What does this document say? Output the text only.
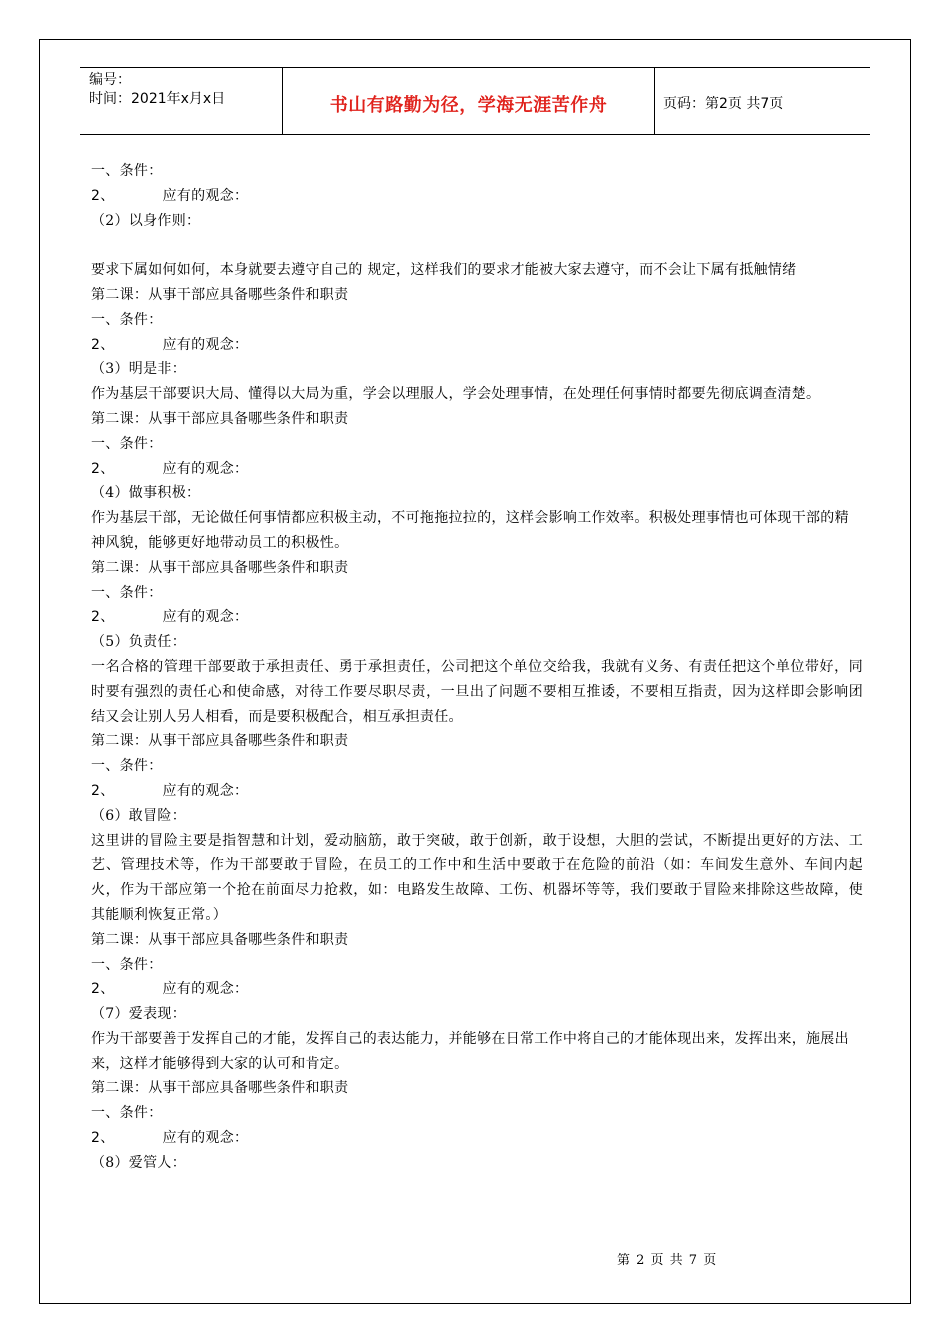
编号：
时间：2021年x月x日	书山有路勤为径，学海无涯苦作舟	页码：第2页 共7页
一、条件：
2、	应有的观念：
（2）以身作则：
要求下属如何如何，本身就要去遵守自己的 规定，这样我们的要求才能被大家去遵守，而不会让下属有抵触情绪
第二课：从事干部应具备哪些条件和职责
一、条件：
2、	应有的观念：
（3）明是非：
作为基层干部要识大局、懂得以大局为重，学会以理服人，学会处理事情，在处理任何事情时都要先彻底调查清楚。
第二课：从事干部应具备哪些条件和职责
一、条件：
2、	应有的观念：
（4）做事积极：
作为基层干部，无论做任何事情都应积极主动，不可拖拖拉拉的，这样会影响工作效率。积极处理事情也可体现干部的精神风貌，能够更好地带动员工的积极性。
第二课：从事干部应具备哪些条件和职责
一、条件：
2、	应有的观念：
（5）负责任：
一名合格的管理干部要敢于承担责任、勇于承担责任，公司把这个单位交给我，我就有义务、有责任把这个单位带好，同时要有强烈的责任心和使命感，对待工作要尽职尽责，一旦出了问题不要相互推诿，不要相互指责，因为这样即会影响团结又会让别人另人相看，而是要积极配合，相互承担责任。
第二课：从事干部应具备哪些条件和职责
一、条件：
2、	应有的观念：
（6）敢冒险：
这里讲的冒险主要是指智慧和计划，爱动脑筋，敢于突破，敢于创新，敢于设想，大胆的尝试，不断提出更好的方法、工艺、管理技术等，作为干部要敢于冒险，在员工的工作中和生活中要敢于在危险的前沿（如：车间发生意外、车间内起火，作为干部应第一个抢在前面尽力抢救，如：电路发生故障、工伤、机器坏等等，我们要敢于冒险来排除这些故障，使其能顺利恢复正常。）
第二课：从事干部应具备哪些条件和职责
一、条件：
2、	应有的观念：
（7）爱表现：
作为干部要善于发挥自己的才能，发挥自己的表达能力，并能够在日常工作中将自己的才能体现出来，发挥出来，施展出来，这样才能够得到大家的认可和肯定。
第二课：从事干部应具备哪些条件和职责
一、条件：
2、	应有的观念：
（8）爱管人：
第 2 页 共 7 页
